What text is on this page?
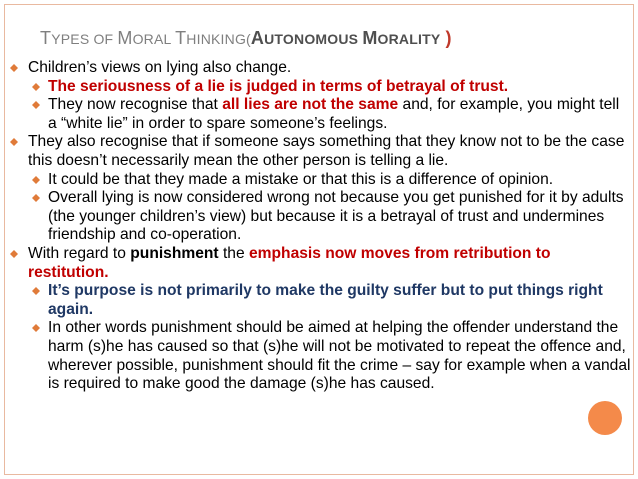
TYPES OF MORAL THINKING(AUTONOMOUS MORALITY )
Children’s views on lying also change.
The seriousness of a lie is judged in terms of betrayal of trust.
They now recognise that all lies are not the same and, for example, you might tell a “white lie” in order to spare someone’s feelings.
They also recognise that if someone says something that they know not to be the case this doesn’t necessarily mean the other person is telling a lie.
It could be that they made a mistake or that this is a difference of opinion.
Overall lying is now considered wrong not because you get punished for it by adults (the younger children’s view) but because it is a betrayal of trust and undermines friendship and co-operation.
With regard to punishment the emphasis now moves from retribution to restitution.
It’s purpose is not primarily to make the guilty suffer but to put things right again.
In other words punishment should be aimed at helping the offender understand the harm (s)he has caused so that (s)he will not be motivated to repeat the offence and, wherever possible, punishment should fit the crime – say for example when a vandal is required to make good the damage (s)he has caused.
